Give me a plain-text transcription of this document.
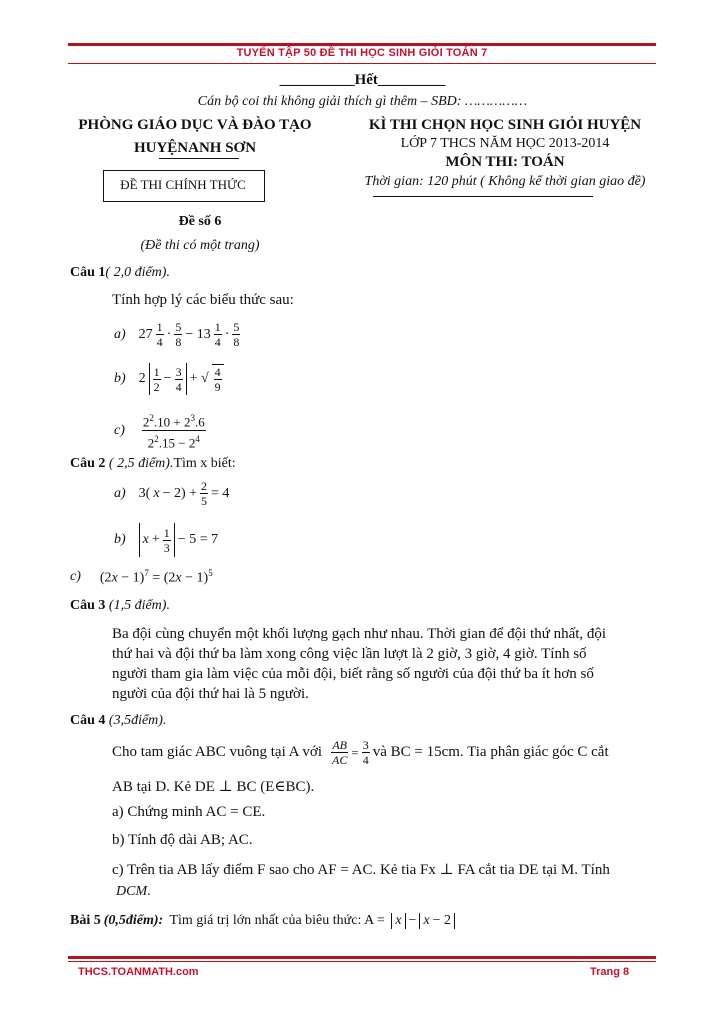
TUYỂN TẬP 50 ĐỀ THI HỌC SINH GIỎI TOÁN 7
__________Hết_________
Cán bộ coi thi không giải thích gì thêm – SBD: ……………
PHÒNG GIÁO DỤC VÀ ĐÀO TẠO
HUYỆNANH SƠN
ĐỀ THI CHÍNH THỨC
KÌ THI CHỌN HỌC SINH GIỎI HUYỆN
LỚP 7 THCS NĂM HỌC 2013-2014
MÔN THI: TOÁN
Thời gian: 120 phút ( Không kể thời gian giao đề)
Đề số 6
(Đề thi có một trang)
Câu 1( 2,0 điểm).
Tính hợp lý các biểu thức sau:
a) $27 \frac{1}{4} \cdot \frac{5}{8} - 13 \frac{1}{4} \cdot \frac{5}{8}$
b) $2 \frac{1}{2} - \frac{3}{4}$ + √ $\frac{4}{9}$
$c) \frac{2^2.10 + 2^3.6}{2^2.15 - 2^4}$
Câu 2 ( 2,5 điểm).Tìm x biết:
a) 3( $x - 2) + \frac{2}{5} = 4$
b) $x + \frac{1}{3} - 5 = 7$
c) $(2x - 1)^7 = (2x - 1)^5$
Câu 3 (1,5 điểm).
Ba đội cùng chuyển một khối lượng gạch như nhau. Thời gian để đội thứ nhất, đội
thứ hai và đội thứ ba làm xong công việc lần lượt là 2 giờ, 3 giờ, 4 giờ. Tính số
người tham gia làm việc của mỗi đội, biết rằng số người của đội thứ ba ít hơn số
người của đội thứ hai là 5 người.
Câu 4 (3,5điểm).
Cho tam giác ABC vuông tại A với $\frac{AB}{AC} = \frac{3}{4}$ và BC = 15cm. Tia phân giác góc C cắt
AB tại D. Kẻ DE ⊥ BC (E∈BC).
a) Chứng minh AC = CE.
b) Tính độ dài AB; AC.
c) Trên tia AB lấy điểm F sao cho AF = AC. Kẻ tia Fx ⊥ FA cắt tia DE tại M. Tính
DCM.
Bài 5 (0,5điểm): Tìm giá trị lớn nhất của biêu thức: A = x − x − 2
THCS.TOANMATH.com	Trang 8
